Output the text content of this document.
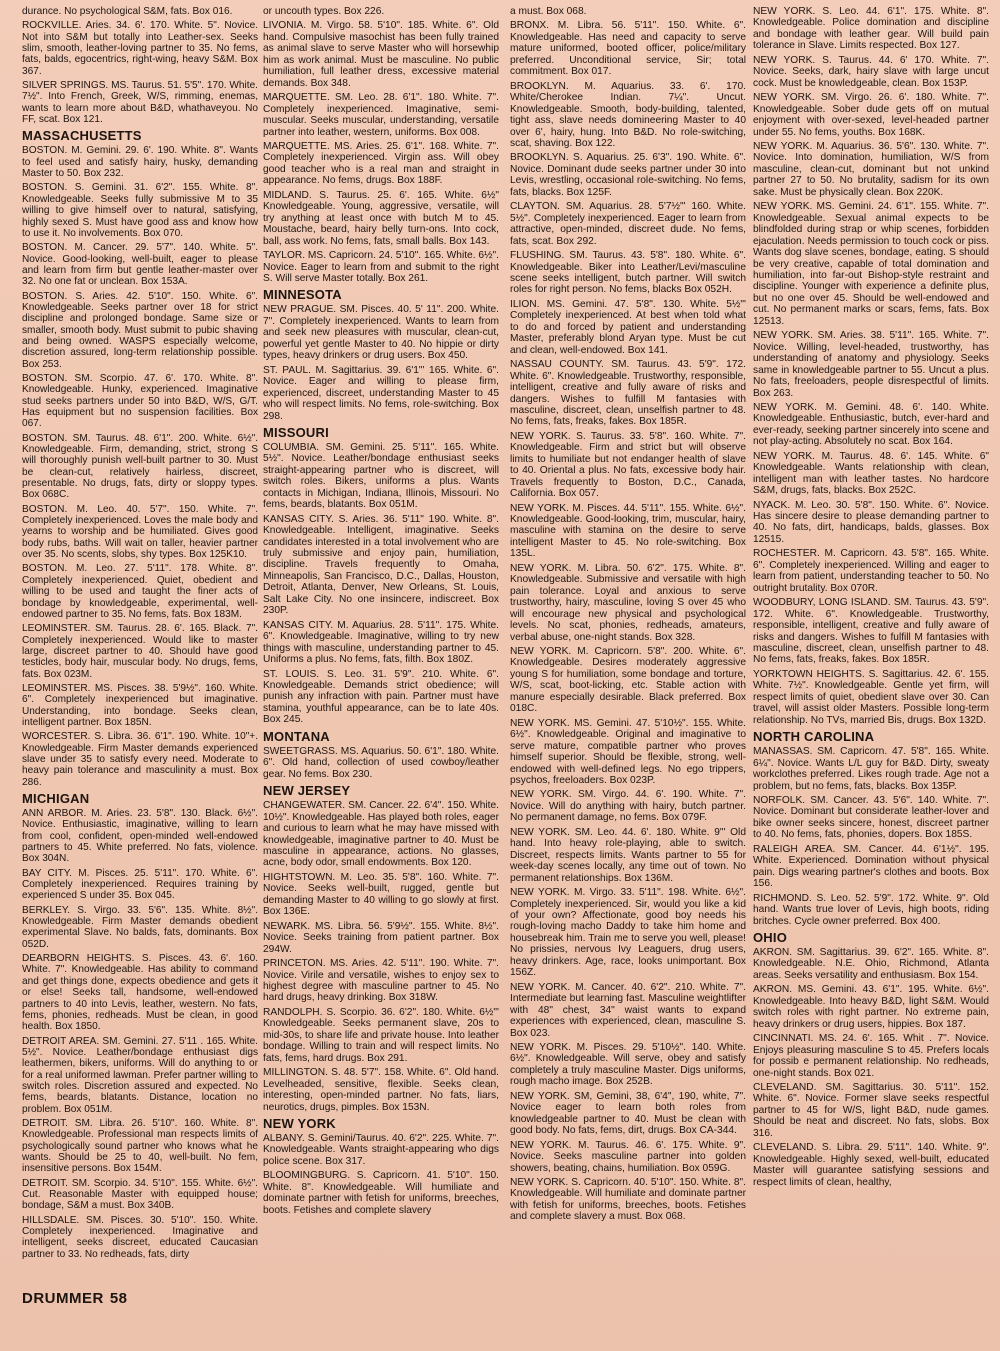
durance. No psychological S&M, fats. Box 016.
ROCKVILLE. Aries. 34. 6'. 170. White. 5". Novice. Not into S&M but totally into Leather-sex. Seeks slim, smooth, leather-loving partner to 35. No fems, fats, balds, egocentrics, right-wing, heavy S&M. Box 367.
SILVER SPRINGS. MS. Taurus. 51. 5'5". 170. White. 7½". Into French, Greek, W/S, rimming, enemas, wants to learn more about B&D, whathaveyou. No FF, scat. Box 121.
MASSACHUSETTS
BOSTON. M. Gemini. 29. 6'. 190. White. 8". Wants to feel used and satisfy hairy, husky, demanding Master to 50. Box 232.
BOSTON. S. Gemini. 31. 6'2". 155. White. 8". Knowledgeable. Seeks fully submissive M to 35 willing to give himself over to natural, satisfying, highly sexed S. Must have good ass and know how to use it. No involvements. Box 070.
BOSTON. M. Cancer. 29. 5'7". 140. White. 5". Novice. Good-looking, well-built, eager to please and learn from firm but gentle leather-master over 32. No one fat or unclean. Box 153A.
BOSTON. S. Aries. 42. 5'10". 150. White. 6". Knowledgeable. Seeks partner over 18 for strict discipline and prolonged bondage. Same size or smaller, smooth body. Must submit to pubic shaving and being owned. WASPS especially welcome, discretion assured, long-term relationship possible. Box 253.
BOSTON. SM. Scorpio. 47. 6'. 170. White. 8". Knowledgeable. Hunky, experienced. Imaginative stud seeks partners under 50 into B&D, W/S, G/T. Has equipment but no suspension facilities. Box 067.
BOSTON. SM. Taurus. 48. 6'1". 200. White. 6½". Knowledgeable. Firm, demanding, strict, strong S will thoroughly punish well-built partner to 30. Must be clean-cut, relatively hairless, discreet, presentable. No drugs, fats, dirty or sloppy types. Box 068C.
BOSTON. M. Leo. 40. 5'7". 150. White. 7". Completely inexperienced. Loves the male body and yearns to worship and be humiliated. Gives good body rubs, baths. Will wait on taller, heavier partner over 35. No scents, slobs, shy types. Box 125K10.
BOSTON. M. Leo. 27. 5'11". 178. White. 8". Completely inexperienced. Quiet, obedient and willing to be used and taught the finer acts of bondage by knowledgeable, experimental, well-endowed partner to 35. No fems, fats. Box 183M.
LEOMINSTER. SM. Taurus. 28. 6'. 165. Black. 7". Completely inexperienced. Would like to master large, discreet partner to 40. Should have good testicles, body hair, muscular body. No drugs, fems, fats. Box 023M.
LEOMINSTER. MS. Pisces. 38. 5'9½". 160. White. 6". Completely inexperienced but imaginative. Understanding, into bondage. Seeks clean, intelligent partner. Box 185N.
WORCESTER. S. Libra. 36. 6'1". 190. White. 10"+. Knowledgeable. Firm Master demands experienced slave under 35 to satisfy every need. Moderate to heavy pain tolerance and masculinity a must. Box 286.
MICHIGAN
ANN ARBOR. M. Aries. 23. 5'8". 130. Black. 6½". Novice. Enthusiastic, imaginative, willing to learn from cool, confident, open-minded well-endowed partners to 45. White preferred. No fats, violence. Box 304N.
BAY CITY. M. Pisces. 25. 5'11". 170. White. 6". Completely inexperienced. Requires training by experienced S under 35. Box 045.
BERKLEY. S. Virgo. 33. 5'6". 135. White. 8½". Knowledgeable. Firm Master demands obedient experimental Slave. No balds, fats, dominants. Box 052D.
DEARBORN HEIGHTS. S. Pisces. 43. 6'. 160. White. 7". Knowledgeable. Has ability to command and get things done, expects obedience and gets it or else! Seeks tall, handsome, well-endowed partners to 40 into Levis, leather, western. No fats, fems, phonies, redheads. Must be clean, in good health. Box 1850.
DETROIT AREA. SM. Gemini. 27. 5'11 . 165. White. 5½". Novice. Leather/bondage enthusiast digs leathermen, bikers, uniforms. Will do anything to or for a real uniformed lawman. Prefer partner willing to switch roles. Discretion assured and expected. No fems, beards, blatants. Distance, location no problem. Box 051M.
DETROIT. SM. Libra. 26. 5'10". 160. White. 8". Knowledgeable. Professional man respects limits of psychologically sound partner who knows what he wants. Should be 25 to 40, well-built. No fem, insensitive persons. Box 154M.
DETROIT. SM. Scorpio. 34. 5'10". 155. White. 6½". Cut. Reasonable Master with equipped house; bondage, S&M a must. Box 340B.
HILLSDALE. SM. Pisces. 30. 5'10". 150. White. Completely inexperienced. Imaginative and intelligent, seeks discreet, educated Caucasian partner to 33. No redheads, fats, dirty
or uncouth types. Box 226.
LIVONIA. M. Virgo. 58. 5'10". 185. White. 6". Old hand. Compulsive masochist has been fully trained as animal slave to serve Master who will horsewhip him as work animal. Must be masculine. No public humiliation, full leather dress, excessive material demands. Box 348.
MARQUETTE. SM. Leo. 28. 6'1". 180. White. 7". Completely inexperienced. Imaginative, semi-muscular. Seeks muscular, understanding, versatile partner into leather, western, uniforms. Box 008.
MARQUETTE. MS. Aries. 25. 6'1". 168. White. 7". Completely inexperienced. Virgin ass. Will obey good teacher who is a real man and straight in appearance. No fems, drugs. Box 188F.
MIDLAND. S. Taurus. 25. 6'. 165. White. 6½" Knowledgeable. Young, aggressive, versatile, will try anything at least once with butch M to 45. Moustache, beard, hairy belly turn-ons. Into cock, ball, ass work. No fems, fats, small balls. Box 143.
TAYLOR. MS. Capricorn. 24. 5'10". 165. White. 6½". Novice. Eager to learn from and submit to the right S. Will serve Master totally. Box 261.
MINNESOTA
NEW PRAGUE. SM. Pisces. 40. 5' 11". 200. White. 7". Completely inexperienced. Wants to learn from and seek new pleasures with muscular, clean-cut, powerful yet gentle Master to 40. No hippie or dirty types, heavy drinkers or drug users. Box 450.
ST. PAUL. M. Sagittarius. 39. 6'1"' 165. White. 6". Novice. Eager and willing to please firm, experienced, discreet, understanding Master to 45 who will respect limits. No fems, role-switching. Box 298.
MISSOURI
COLUMBIA. SM. Gemini. 25. 5'11". 165. White. 5½". Novice. Leather/bondage enthusiast seeks straight-appearing partner who is discreet, will switch roles. Bikers, uniforms a plus. Wants contacts in Michigan, Indiana, Illinois, Missouri. No fems, beards, blatants. Box 051M.
KANSAS CITY. S. Aries. 36. 5'11" 190. White. 8". Knowledgeable. Intelligent, imaginative. Seeks candidates interested in a total involvement who are truly submissive and enjoy pain, humiliation, discipline. Travels frequently to Omaha, Minneapolis, San Francisco, D.C., Dallas, Houston, Detroit, Atlanta, Denver, New Orleans, St. Louis, Salt Lake City. No one insincere, indiscreet. Box 230P.
KANSAS CITY. M. Aquarius. 28. 5'11". 175. White. 6". Knowledgeable. Imaginative, willing to try new things with masculine, understanding partner to 45. Uniforms a plus. No fems, fats, filth. Box 180Z.
ST. LOUIS. S. Leo. 31. 5'9". 210. White. 6". Knowledgeable. Demands strict obedience; will punish any infraction with pain. Partner must have stamina, youthful appearance, can be to late 40s. Box 245.
MONTANA
SWEETGRASS. MS. Aquarius. 50. 6'1". 180. White. 6". Old hand, collection of used cowboy/leather gear. No fems. Box 230.
NEW JERSEY
CHANGEWATER. SM. Cancer. 22. 6'4". 150. White. 10½". Knowledgeable. Has played both roles, eager and curious to learn what he may have missed with knowledgeable, imaginative partner to 40. Must be masculine in appearance, actions. No glasses, acne, body odor, small endowments. Box 120.
HIGHTSTOWN. M. Leo. 35. 5'8". 160. White. 7". Novice. Seeks well-built, rugged, gentle but demanding Master to 40 willing to go slowly at first. Box 136E.
NEWARK. MS. Libra. 56. 5'9½". 155. White. 8½". Novice. Seeks training from patient partner. Box 294W.
PRINCETON. MS. Aries. 42. 5'11". 190. White. 7". Novice. Virile and versatile, wishes to enjoy sex to highest degree with masculine partner to 45. No hard drugs, heavy drinking. Box 318W.
RANDOLPH. S. Scorpio. 36. 6'2". 180. White. 6½"' Knowledgeable. Seeks permanent slave, 20s to mid-30s, to share life and private house. Into leather bondage. Willing to train and will respect limits. No fats, fems, hard drugs. Box 291.
MILLINGTON. S. 48. 5'7". 158. White. 6". Old hand. Levelheaded, sensitive, flexible. Seeks clean, interesting, open-minded partner. No fats, liars, neurotics, drugs, pimples. Box 153N.
NEW YORK
ALBANY. S. Gemini/Taurus. 40. 6'2". 225. White. 7". Knowledgeable. Wants straight-appearing who digs police scene. Box 317.
BLOOMINGBURG. S. Capricorn. 41. 5'10". 150. White. 8". Knowledgeable. Will humiliate and dominate partner with fetish for uniforms, breeches, boots. Fetishes and complete slavery
a must. Box 068.
BRONX. M. Libra. 56. 5'11". 150. White. 6". Knowledgeable. Has need and capacity to serve mature uniformed, booted officer, police/military preferred. Unconditional service, Sir; total commitment. Box 017.
BROOKLYN. M. Aquarius. 33. 6'. 170. White/Cherokee Indian. 7¼". Uncut. Knowledgeable. Smooth, body-building, talented, tight ass, slave needs domineering Master to 40 over 6', hairy, hung. Into B&D. No role-switching, scat, shaving. Box 122.
BROOKLYN. S. Aquarius. 25. 6'3". 190. White. 6". Novice. Dominant dude seeks partner under 30 into Levis, wrestling, occasional role-switching. No fems, fats, blacks. Box 125F.
CLAYTON. SM. Aquarius. 28. 5'7½"' 160. White. 5½". Completely inexperienced. Eager to learn from attractive, open-minded, discreet dude. No fems, fats, scat. Box 292.
FLUSHING. SM. Taurus. 43. 5'8". 180. White. 6". Knowledgeable. Biker into Leather/Levi/masculine scene seeks intelligent, butch partner. Will switch roles for right person. No fems, blacks Box 052H.
ILION. MS. Gemini. 47. 5'8". 130. White. 5½"' Completely inexperienced. At best when told what to do and forced by patient and understanding Master, preferably blond Aryan type. Must be cut and clean, well-endowed. Box 141.
NASSAU COUNTY. SM. Taurus. 43. 5'9". 172. White. 6". Knowledgeable. Trustworthy, responsible, intelligent, creative and fully aware of risks and dangers. Wishes to fulfill M fantasies with masculine, discreet, clean, unselfish partner to 48. No fems, fats, freaks, fakes. Box 185R.
NEW YORK. S. Taurus. 33. 5'8". 160. White. 7". Knowledgeable. Firm and strict but will observe limits to humiliate but not endanger health of slave to 40. Oriental a plus. No fats, excessive body hair. Travels frequently to Boston, D.C., Canada, California. Box 057.
NEW YORK. M. Pisces. 44. 5'11". 155. White. 6½". Knowledgeable. Good-looking, trim, muscular, hairy, masculine with stamina on the desire to serve intelligent Master to 45. No role-switching. Box 135L.
NEW YORK. M. Libra. 50. 6'2". 175. White. 8". Knowledgeable. Submissive and versatile with high pain tolerance. Loyal and anxious to serve trustworthy, hairy, masculine, loving S over 45 who will encourage new physical and psychological levels. No scat, phonies, redheads, amateurs, verbal abuse, one-night stands. Box 328.
NEW YORK. M. Capricorn. 5'8". 200. White. 6". Knowledgeable. Desires moderately aggressive young S for humiliation, some bondage and torture, W/S, scat, boot-licking, etc. Stable action with manure especially desirable. Black preferred. Box 018C.
NEW YORK. MS. Gemini. 47. 5'10½". 155. White. 6½". Knowledgeable. Original and imaginative to serve mature, compatible partner who proves himself superior. Should be flexible, strong, well-endowed with well-defined legs. No ego trippers, psychos, freeloaders. Box 023P.
NEW YORK. SM. Virgo. 44. 6'. 190. White. 7". Novice. Will do anything with hairy, butch partner. No permanent damage, no fems. Box 079F.
NEW YORK. SM. Leo. 44. 6'. 180. White. 9"' Old hand. Into heavy role-playing, able to switch. Discreet, respects limits. Wants partner to 55 for week-day scenes locally, any time out of town. No permanent relationships. Box 136M.
NEW YORK. M. Virgo. 33. 5'11". 198. White. 6½". Completely inexperienced. Sir, would you like a kid of your own? Affectionate, good boy needs his rough-loving macho Daddy to take him home and housebreak him. Train me to serve you well, please! No prissies, nervous Ivy Leaguers, drug users, heavy drinkers. Age, race, looks unimportant. Box 156Z.
NEW YORK. M. Cancer. 40. 6'2". 210. White. 7". Intermediate but learning fast. Masculine weightlifter with 48" chest, 34" waist wants to expand experiences with experienced, clean, masculine S. Box 023.
NEW YORK. M. Pisces. 29. 5'10½". 140. White. 6½". Knowledgeable. Will serve, obey and satisfy completely a truly masculine Master. Digs uniforms, rough macho image. Box 252B.
NEW YORK. SM, Gemini, 38, 6'4", 190, white, 7". Novice eager to learn both roles from knowledgeable partner to 40. Must be clean with good body. No fats, fems, dirt, drugs. Box CA-344.
NEW YORK. M. Taurus. 46. 6'. 175. White. 9". Novice. Seeks masculine partner into golden showers, beating, chains, humiliation. Box 059G.
NEW YORK. S. Capricorn. 40. 5'10". 150. White. 8". Knowledgeable. Will humiliate and dominate partner with fetish for uniforms, breeches, boots. Fetishes and complete slavery a must. Box 068.
NEW YORK. S. Leo. 44. 6'1". 175. White. 8". Knowledgeable. Police domination and discipline and bondage with leather gear. Will build pain tolerance in Slave. Limits respected. Box 127.
NEW YORK. S. Taurus. 44. 6' 170. White. 7". Novice. Seeks, dark, hairy slave with large uncut cock. Must be knowledgeable, clean. Box 153P.
NEW YORK. SM. Virgo. 26. 6'. 180. White. 7". Knowledgeable. Sober dude gets off on mutual enjoyment with over-sexed, level-headed partner under 55. No fems, youths. Box 168K.
NEW YORK. M. Aquarius. 36. 5'6". 130. White. 7". Novice. Into domination, humiliation, W/S from masculine, clean-cut, dominant but not unkind partner 27 to 50. No brutality, sadism for its own sake. Must be physically clean. Box 220K.
NEW YORK. MS. Gemini. 24. 6'1". 155. White. 7". Knowledgeable. Sexual animal expects to be blindfolded during strap or whip scenes, forbidden ejaculation. Needs permission to touch cock or piss. Wants dog slave scenes, bondage, eating. S should be very creative, capable of total domination and humiliation, into far-out Bishop-style restraint and discipline. Younger with experience a definite plus, but no one over 45. Should be well-endowed and cut. No permanent marks or scars, fems, fats. Box 12513.
NEW YORK. SM. Aries. 38. 5'11". 165. White. 7". Novice. Willing, level-headed, trustworthy, has understanding of anatomy and physiology. Seeks same in knowledgeable partner to 55. Uncut a plus. No fats, freeloaders, people disrespectful of limits. Box 263.
NEW YORK. M. Gemini. 48. 6'. 140. White. Knowledgeable. Enthusiastic, butch, ever-hard and ever-ready, seeking partner sincerely into scene and not play-acting. Absolutely no scat. Box 164.
NEW YORK. M. Taurus. 48. 6'. 145. White. 6" Knowledgeable. Wants relationship with clean, intelligent man with leather tastes. No hardcore S&M, drugs, fats, blacks. Box 252C.
NYACK. M. Leo. 30. 5'8". 150. White. 6". Novice. Has sincere desire to please demanding partner to 40. No fats, dirt, handicaps, balds, glasses. Box 12515.
ROCHESTER. M. Capricorn. 43. 5'8". 165. White. 6". Completely inexperienced. Willing and eager to learn from patient, understanding teacher to 50. No outright brutality. Box 070R.
WOODBURY, LONG ISLAND. SM. Taurus. 43. 5'9". 172. White. 6". Knowledgeable. Trustworthy, responsible, intelligent, creative and fully aware of risks and dangers. Wishes to fulfill M fantasies with masculine, discreet, clean, unselfish partner to 48. No fems, fats, freaks, fakes. Box 185R.
YORKTOWN HEIGHTS. S. Sagittarius. 42. 6'. 155. White. 7½". Knowledgeable. Gentle yet firm, will respect limits of quiet, obedient slave over 30. Can travel, will assist older Masters. Possible long-term relationship. No TVs, married Bis, drugs. Box 132D.
NORTH CAROLINA
MANASSAS. SM. Capricorn. 47. 5'8". 165. White. 6¼". Novice. Wants L/L guy for B&D. Dirty, sweaty workclothes preferred. Likes rough trade. Age not a problem, but no fems, fats, blacks. Box 135P.
NORFOLK. SM. Cancer. 43. 5'6". 140. White. 7". Novice. Dominant but considerate leather-lover and bike owner seeks sincere, honest, discreet partner to 40. No fems, fats, phonies, dopers. Box 185S.
RALEIGH AREA. SM. Cancer. 44. 6'1½". 195. White. Experienced. Domination without physical pain. Digs wearing partner's clothes and boots. Box 156.
RICHMOND. S. Leo. 52. 5'9". 172. White. 9". Old hand. Wants true lover of Levis, high boots, riding britches. Cycle owner preferred. Box 400.
OHIO
AKRON. SM. Sagittarius. 39. 6'2". 165. White. 8". Knowledgeable. N.E. Ohio, Richmond, Atlanta areas. Seeks versatility and enthusiasm. Box 154.
AKRON. MS. Gemini. 43. 6'1". 195. White. 6½". Knowledgeable. Into heavy B&D, light S&M. Would switch roles with right partner. No extreme pain, heavy drinkers or drug users, hippies. Box 187.
CINCINNATI. MS. 24. 6'. 165. Whit . 7". Novice. Enjoys pleasuring masculine S to 45. Prefers locals for possib e permanent relationship. No redheads, one-night stands. Box 021.
CLEVELAND. SM. Sagittarius. 30. 5'11". 152. White. 6". Novice. Former slave seeks respectful partner to 45 for W/S, light B&D, nude games. Should be neat and discreet. No fats, slobs. Box 316.
CLEVELAND. S. Libra. 29. 5'11". 140. White. 9". Knowledgeable. Highly sexed, well-built, educated Master will guarantee satisfying sessions and respect limits of clean, healthy,
DRUMMER 58
